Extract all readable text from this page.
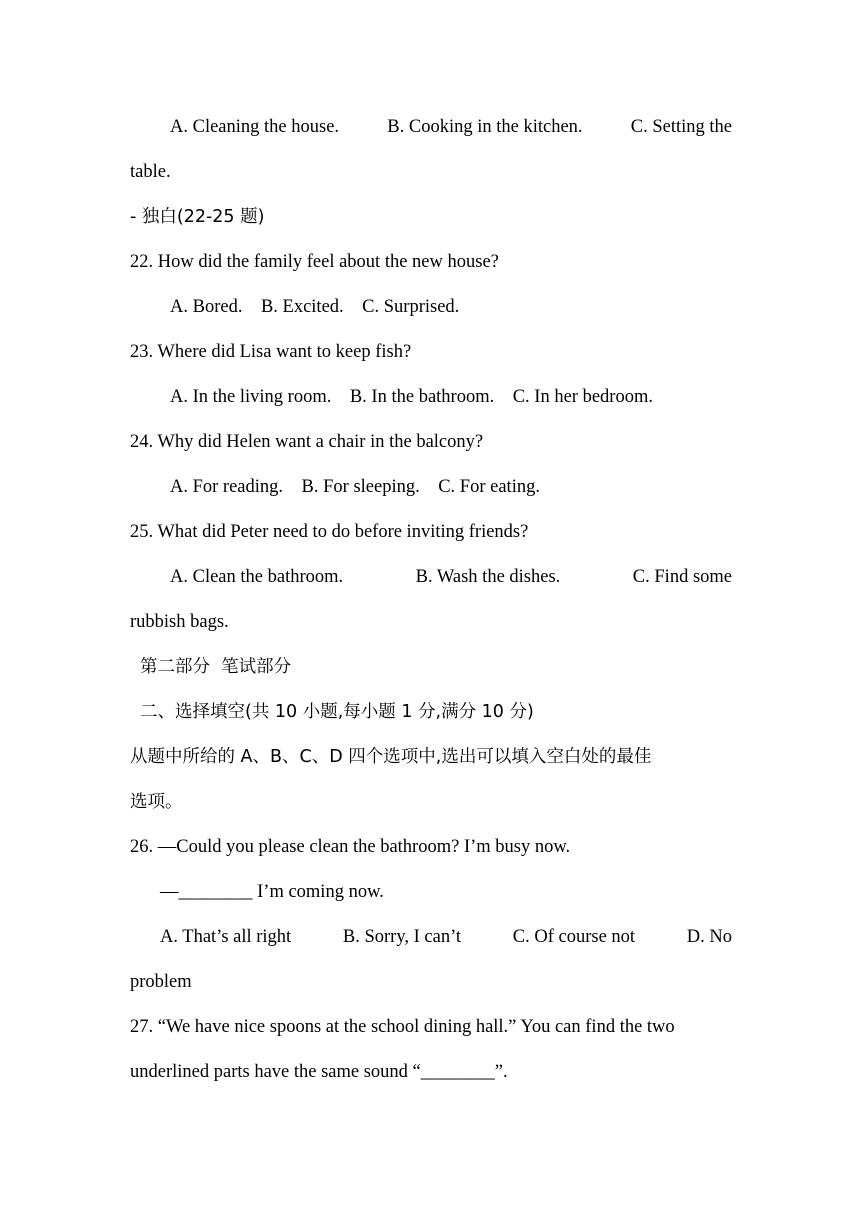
A. Cleaning the house.	B. Cooking in the kitchen.	C. Setting the
table.
- 独白(22-25 题)
22. How did the family feel about the new house?
A. Bored.    B. Excited.    C. Surprised.
23. Where did Lisa want to keep fish?
A. In the living room.    B. In the bathroom.    C. In her bedroom.
24. Why did Helen want a chair in the balcony?
A. For reading.    B. For sleeping.    C. For eating.
25. What did Peter need to do before inviting friends?
A. Clean the bathroom.	B. Wash the dishes.	C. Find some
rubbish bags.
第二部分  笔试部分
二、选择填空(共 10 小题,每小题 1 分,满分 10 分)
从题中所给的 A、B、C、D 四个选项中,选出可以填入空白处的最佳
选项。
26. —Could you please clean the bathroom? I’m busy now.
—________ I’m coming now.
A. That’s all right	B. Sorry, I can’t	C. Of course not	D. No
problem
27. “We have nice spoons at the school dining hall.” You can find the two
underlined parts have the same sound “________”.
